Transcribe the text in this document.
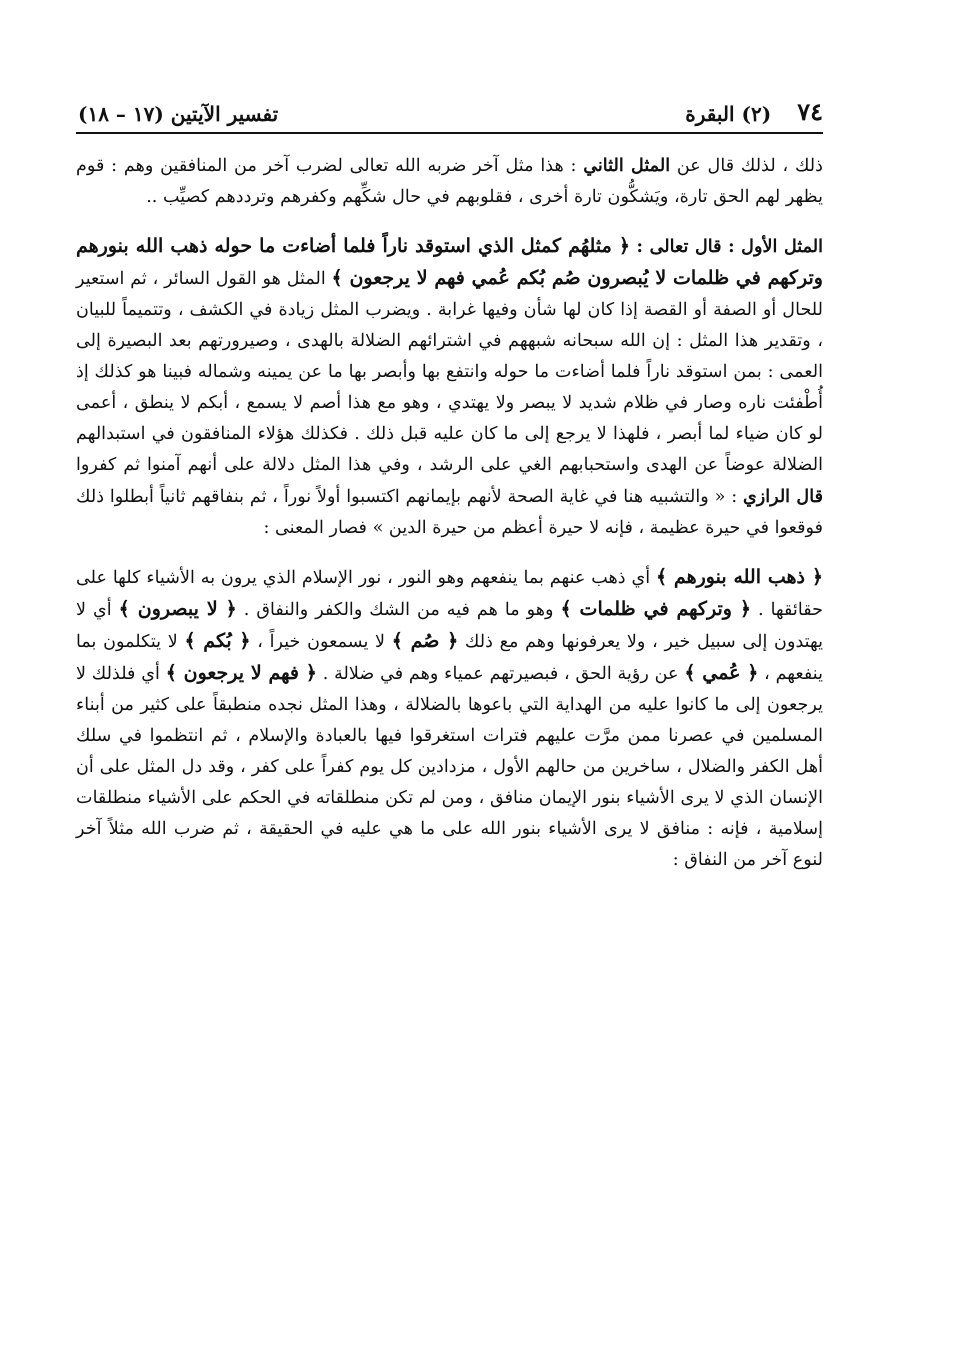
٧٤
(٢) البقرة
تفسير الآيتين (١٧ – ١٨)

ذلك ، لذلك قال عن المثل الثاني : هذا مثل آخر ضربه الله تعالى لضرب آخر من المنافقين وهم : قوم يظهر لهم الحق تارة، ويَشكُّون تارة أخرى ، فقلوبهم في حال شكِّهم وكفرهم وترددهم كصيِّب ..

المثل الأول : قال تعالى : ﴿ مثلهُم كمثل الذي استوقد ناراً فلما أضاءت ما حوله ذهب الله بنورهم وتركهم في ظلمات لا يُبصرون صُم بُكم عُمي فهم لا يرجعون ﴾ المثل هو القول السائر ، ثم استعير للحال أو الصفة أو القصة إذا كان لها شأن وفيها غرابة . ويضرب المثل زيادة في الكشف ، وتتميماً للبيان ، وتقدير هذا المثل : إن الله سبحانه شبههم في اشترائهم الضلالة بالهدى ، وصيرورتهم بعد البصيرة إلى العمى : بمن استوقد ناراً فلما أضاءت ما حوله وانتفع بها وأبصر بها ما عن يمينه وشماله فبينا هو كذلك إذ أُطْفئت ناره وصار في ظلام شديد لا يبصر ولا يهتدي ، وهو مع هذا أصم لا يسمع ، أبكم لا ينطق ، أعمى لو كان ضياء لما أبصر ، فلهذا لا يرجع إلى ما كان عليه قبل ذلك . فكذلك هؤلاء المنافقون في استبدالهم الضلالة عوضاً عن الهدى واستحبابهم الغي على الرشد ، وفي هذا المثل دلالة على أنهم آمنوا ثم كفروا قال الرازي : « والتشبيه هنا في غاية الصحة لأنهم بإيمانهم اكتسبوا أولاً نوراً ، ثم بنفاقهم ثانياً أبطلوا ذلك فوقعوا في حيرة عظيمة ، فإنه لا حيرة أعظم من حيرة الدين » فصار المعنى :

﴿ ذهب الله بنورهم ﴾ أي ذهب عنهم بما ينفعهم وهو النور ، نور الإسلام الذي يرون به الأشياء كلها على حقائقها . ﴿ وتركهم في ظلمات ﴾ وهو ما هم فيه من الشك والكفر والنفاق . ﴿ لا يبصرون ﴾ أي لا يهتدون إلى سبيل خير ، ولا يعرفونها وهم مع ذلك ﴿ صُم ﴾ لا يسمعون خيراً ، ﴿ بُكم ﴾ لا يتكلمون بما ينفعهم ، ﴿ عُمي ﴾ عن رؤية الحق ، فبصيرتهم عمياء وهم في ضلالة . ﴿ فهم لا يرجعون ﴾ أي فلذلك لا يرجعون إلى ما كانوا عليه من الهداية التي باعوها بالضلالة ، وهذا المثل نجده منطبقاً على كثير من أبناء المسلمين في عصرنا ممن مرَّت عليهم فترات استغرقوا فيها بالعبادة والإسلام ، ثم انتظموا في سلك أهل الكفر والضلال ، ساخرين من حالهم الأول ، مزدادين كل يوم كفراً على كفر ، وقد دل المثل على أن الإنسان الذي لا يرى الأشياء بنور الإيمان منافق ، ومن لم تكن منطلقاته في الحكم على الأشياء منطلقات إسلامية ، فإنه : منافق لا يرى الأشياء بنور الله على ما هي عليه في الحقيقة ، ثم ضرب الله مثلاً آخر لنوع آخر من النفاق :
